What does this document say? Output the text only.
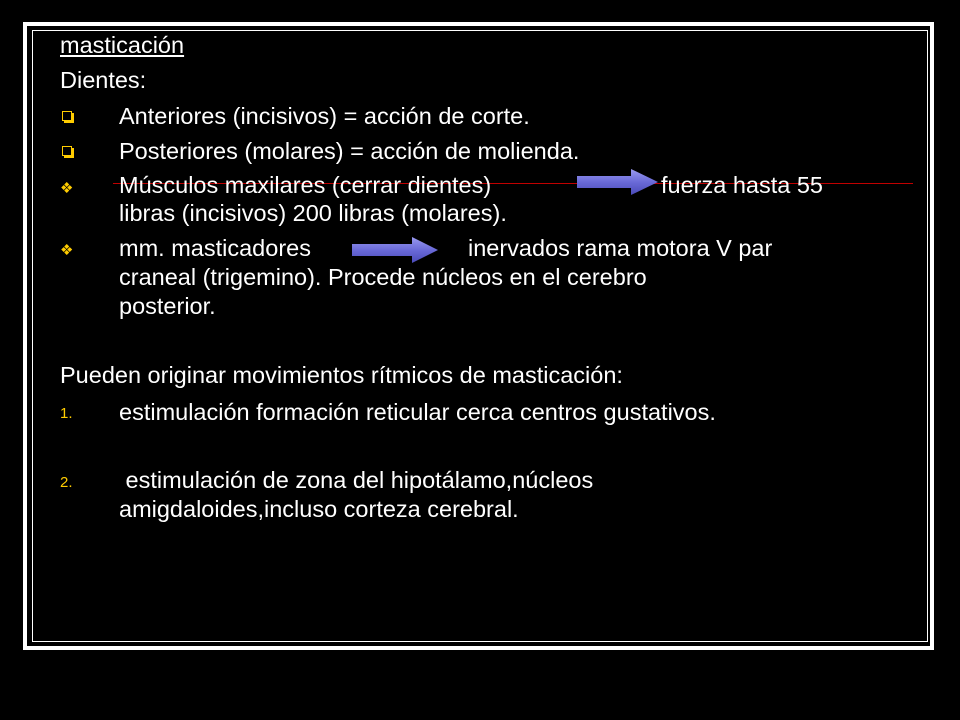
masticación
Dientes:
Anteriores (incisivos) = acción de corte.
Posteriores (molares) = acción de molienda.
❖ Músculos maxilares (cerrar dientes)	fuerza hasta 55
libras (incisivos) 200 libras (molares).
❖ mm. masticadores	inervados rama motora V par
craneal (trigemino). Procede núcleos en el cerebro
posterior.
Pueden originar movimientos rítmicos de masticación:
1. estimulación formación reticular cerca centros gustativos.
2. estimulación de zona del hipotálamo,núcleos
amigdaloides,incluso corteza cerebral.
